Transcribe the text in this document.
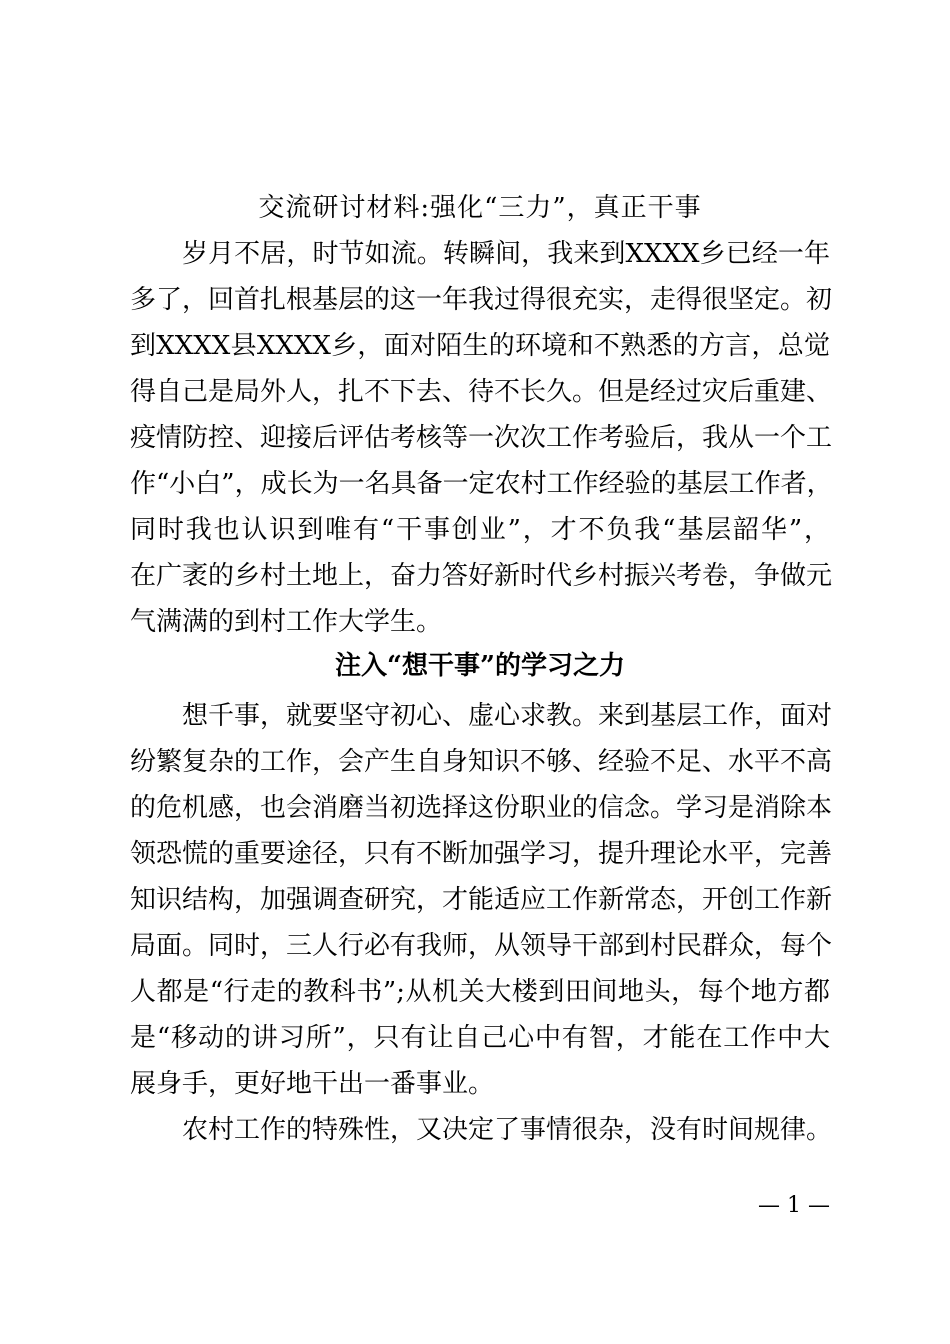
交流研讨材料:强化“三力”，真正干事
岁月不居，时节如流。转瞬间，我来到XXXX乡已经一年
多了，回首扎根基层的这一年我过得很充实，走得很坚定。初
到XXXX县XXXX乡，面对陌生的环境和不熟悉的方言，总觉
得自己是局外人，扎不下去、待不长久。但是经过灾后重建、
疫情防控、迎接后评估考核等一次次工作考验后，我从一个工
作“小白”，成长为一名具备一定农村工作经验的基层工作者，
同时我也认识到唯有“干事创业”，才不负我“基层韶华”，
在广袤的乡村土地上，奋力答好新时代乡村振兴考卷，争做元
气满满的到村工作大学生。
注入“想干事”的学习之力
想千事，就要坚守初心、虚心求教。来到基层工作，面对
纷繁复杂的工作，会产生自身知识不够、经验不足、水平不高
的危机感，也会消磨当初选择这份职业的信念。学习是消除本
领恐慌的重要途径，只有不断加强学习，提升理论水平，完善
知识结构，加强调查研究，才能适应工作新常态，开创工作新
局面。同时，三人行必有我师，从领导干部到村民群众，每个
人都是“行走的教科书”;从机关大楼到田间地头，每个地方都
是“移动的讲习所”，只有让自己心中有智，才能在工作中大
展身手，更好地干出一番事业。
农村工作的特殊性，又决定了事情很杂，没有时间规律。
— 1 —
